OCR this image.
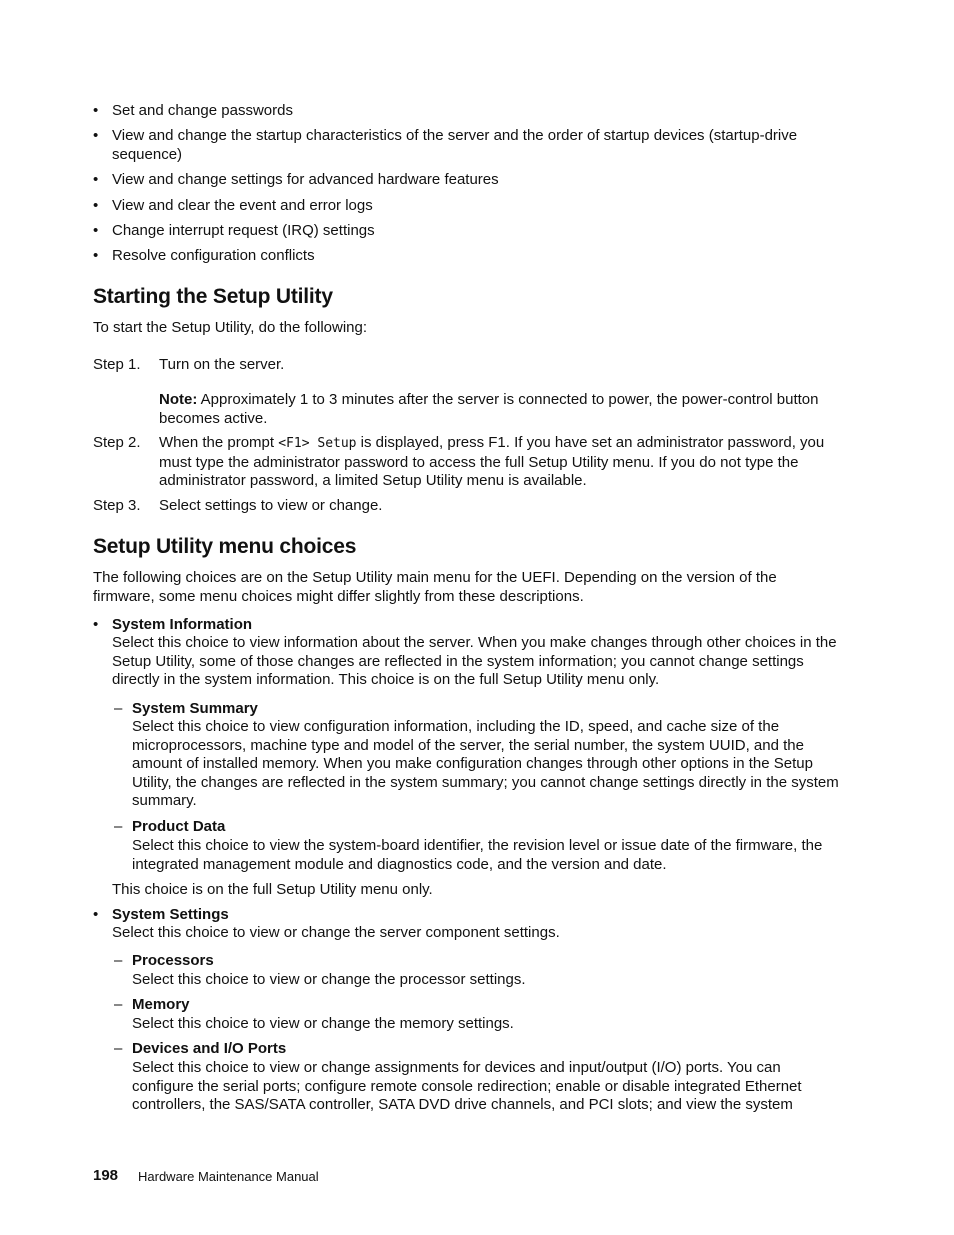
• Set and change passwords
• View and change the startup characteristics of the server and the order of startup devices (startup-drive sequence)
• View and change settings for advanced hardware features
• View and clear the event and error logs
• Change interrupt request (IRQ) settings
• Resolve configuration conflicts
Starting the Setup Utility
To start the Setup Utility, do the following:
Step 1. Turn on the server.
Note: Approximately 1 to 3 minutes after the server is connected to power, the power-control button becomes active.
Step 2. When the prompt <F1> Setup is displayed, press F1. If you have set an administrator password, you must type the administrator password to access the full Setup Utility menu. If you do not type the administrator password, a limited Setup Utility menu is available.
Step 3. Select settings to view or change.
Setup Utility menu choices
The following choices are on the Setup Utility main menu for the UEFI. Depending on the version of the firmware, some menu choices might differ slightly from these descriptions.
• System Information
Select this choice to view information about the server. When you make changes through other choices in the Setup Utility, some of those changes are reflected in the system information; you cannot change settings directly in the system information. This choice is on the full Setup Utility menu only.
– System Summary
Select this choice to view configuration information, including the ID, speed, and cache size of the microprocessors, machine type and model of the server, the serial number, the system UUID, and the amount of installed memory. When you make configuration changes through other options in the Setup Utility, the changes are reflected in the system summary; you cannot change settings directly in the system summary.
– Product Data
Select this choice to view the system-board identifier, the revision level or issue date of the firmware, the integrated management module and diagnostics code, and the version and date.
This choice is on the full Setup Utility menu only.
• System Settings
Select this choice to view or change the server component settings.
– Processors
Select this choice to view or change the processor settings.
– Memory
Select this choice to view or change the memory settings.
– Devices and I/O Ports
Select this choice to view or change assignments for devices and input/output (I/O) ports. You can configure the serial ports; configure remote console redirection; enable or disable integrated Ethernet controllers, the SAS/SATA controller, SATA DVD drive channels, and PCI slots; and view the system
198 Hardware Maintenance Manual
